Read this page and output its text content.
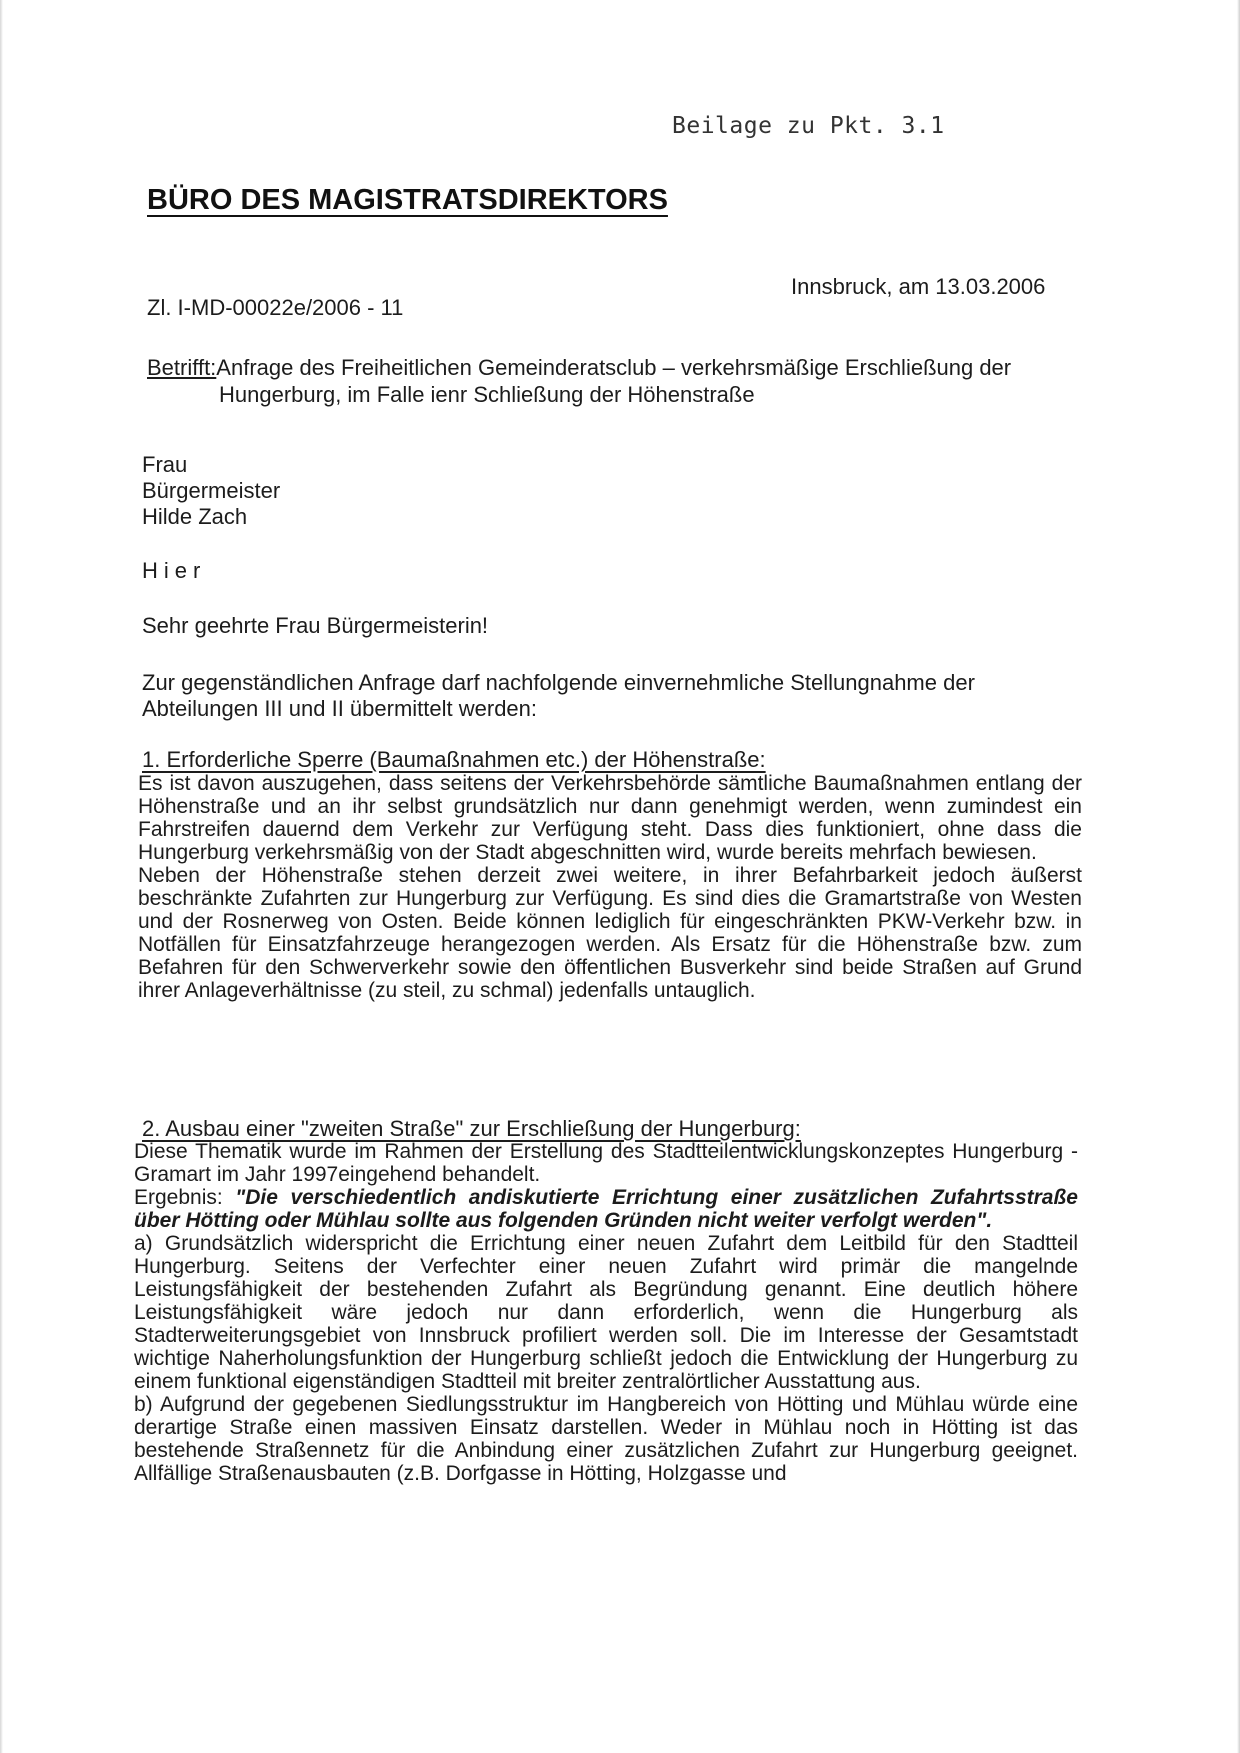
Beilage zu Pkt. 3.1
BÜRO DES MAGISTRATSDIREKTORS
Innsbruck, am 13.03.2006
Zl. I-MD-00022e/2006 - 11
Betrifft:Anfrage des Freiheitlichen Gemeinderatsclub – verkehrsmäßige Erschließung der
Hungerburg, im Falle ienr Schließung der Höhenstraße
Frau
Bürgermeister
Hilde Zach
Hier
Sehr geehrte Frau Bürgermeisterin!
Zur gegenständlichen Anfrage darf nachfolgende einvernehmliche Stellungnahme der Abteilungen III und II übermittelt werden:
1. Erforderliche Sperre (Baumaßnahmen etc.) der Höhenstraße:

Es ist davon auszugehen, dass seitens der Verkehrsbehörde sämtliche Baumaßnahmen entlang der Höhenstraße und an ihr selbst grundsätzlich nur dann genehmigt werden, wenn zumindest ein Fahrstreifen dauernd dem Verkehr zur Verfügung steht. Dass dies funktioniert, ohne dass die Hungerburg verkehrsmäßig von der Stadt abgeschnitten wird, wurde bereits mehrfach bewiesen.

Neben der Höhenstraße stehen derzeit zwei weitere, in ihrer Befahrbarkeit jedoch äußerst beschränkte Zufahrten zur Hungerburg zur Verfügung. Es sind dies die Gramartstraße von Westen und der Rosnerweg von Osten. Beide können lediglich für eingeschränkten PKW-Verkehr bzw. in Notfällen für Einsatzfahrzeuge herangezogen werden. Als Ersatz für die Höhenstraße bzw. zum Befahren für den Schwerverkehr sowie den öffentlichen Busverkehr sind beide Straßen auf Grund ihrer Anlageverhältnisse (zu steil, zu schmal) jedenfalls untauglich.

2. Ausbau einer "zweiten Straße" zur Erschließung der Hungerburg:

Diese Thematik wurde im Rahmen der Erstellung des Stadtteilentwicklungskonzeptes Hungerburg - Gramart im Jahr 1997eingehend behandelt.

Ergebnis: "Die verschiedentlich andiskutierte Errichtung einer zusätzlichen Zufahrtsstraße über Hötting oder Mühlau sollte aus folgenden Gründen nicht weiter verfolgt werden".

a) Grundsätzlich widerspricht die Errichtung einer neuen Zufahrt dem Leitbild für den Stadtteil Hungerburg. Seitens der Verfechter einer neuen Zufahrt wird primär die mangelnde Leistungsfähigkeit der bestehenden Zufahrt als Begründung genannt. Eine deutlich höhere Leistungsfähigkeit wäre jedoch nur dann erforderlich, wenn die Hungerburg als Stadterweiterungsgebiet von Innsbruck profiliert werden soll. Die im Interesse der Gesamtstadt wichtige Naherholungsfunktion der Hungerburg schließt jedoch die Entwicklung der Hungerburg zu einem funktional eigenständigen Stadtteil mit breiter zentralörtlicher Ausstattung aus.

b) Aufgrund der gegebenen Siedlungsstruktur im Hangbereich von Hötting und Mühlau würde eine derartige Straße einen massiven Einsatz darstellen. Weder in Mühlau noch in Hötting ist das bestehende Straßennetz für die Anbindung einer zusätzlichen Zufahrt zur Hungerburg geeignet. Allfällige Straßenausbauten (z.B. Dorfgasse in Hötting, Holzgasse und
